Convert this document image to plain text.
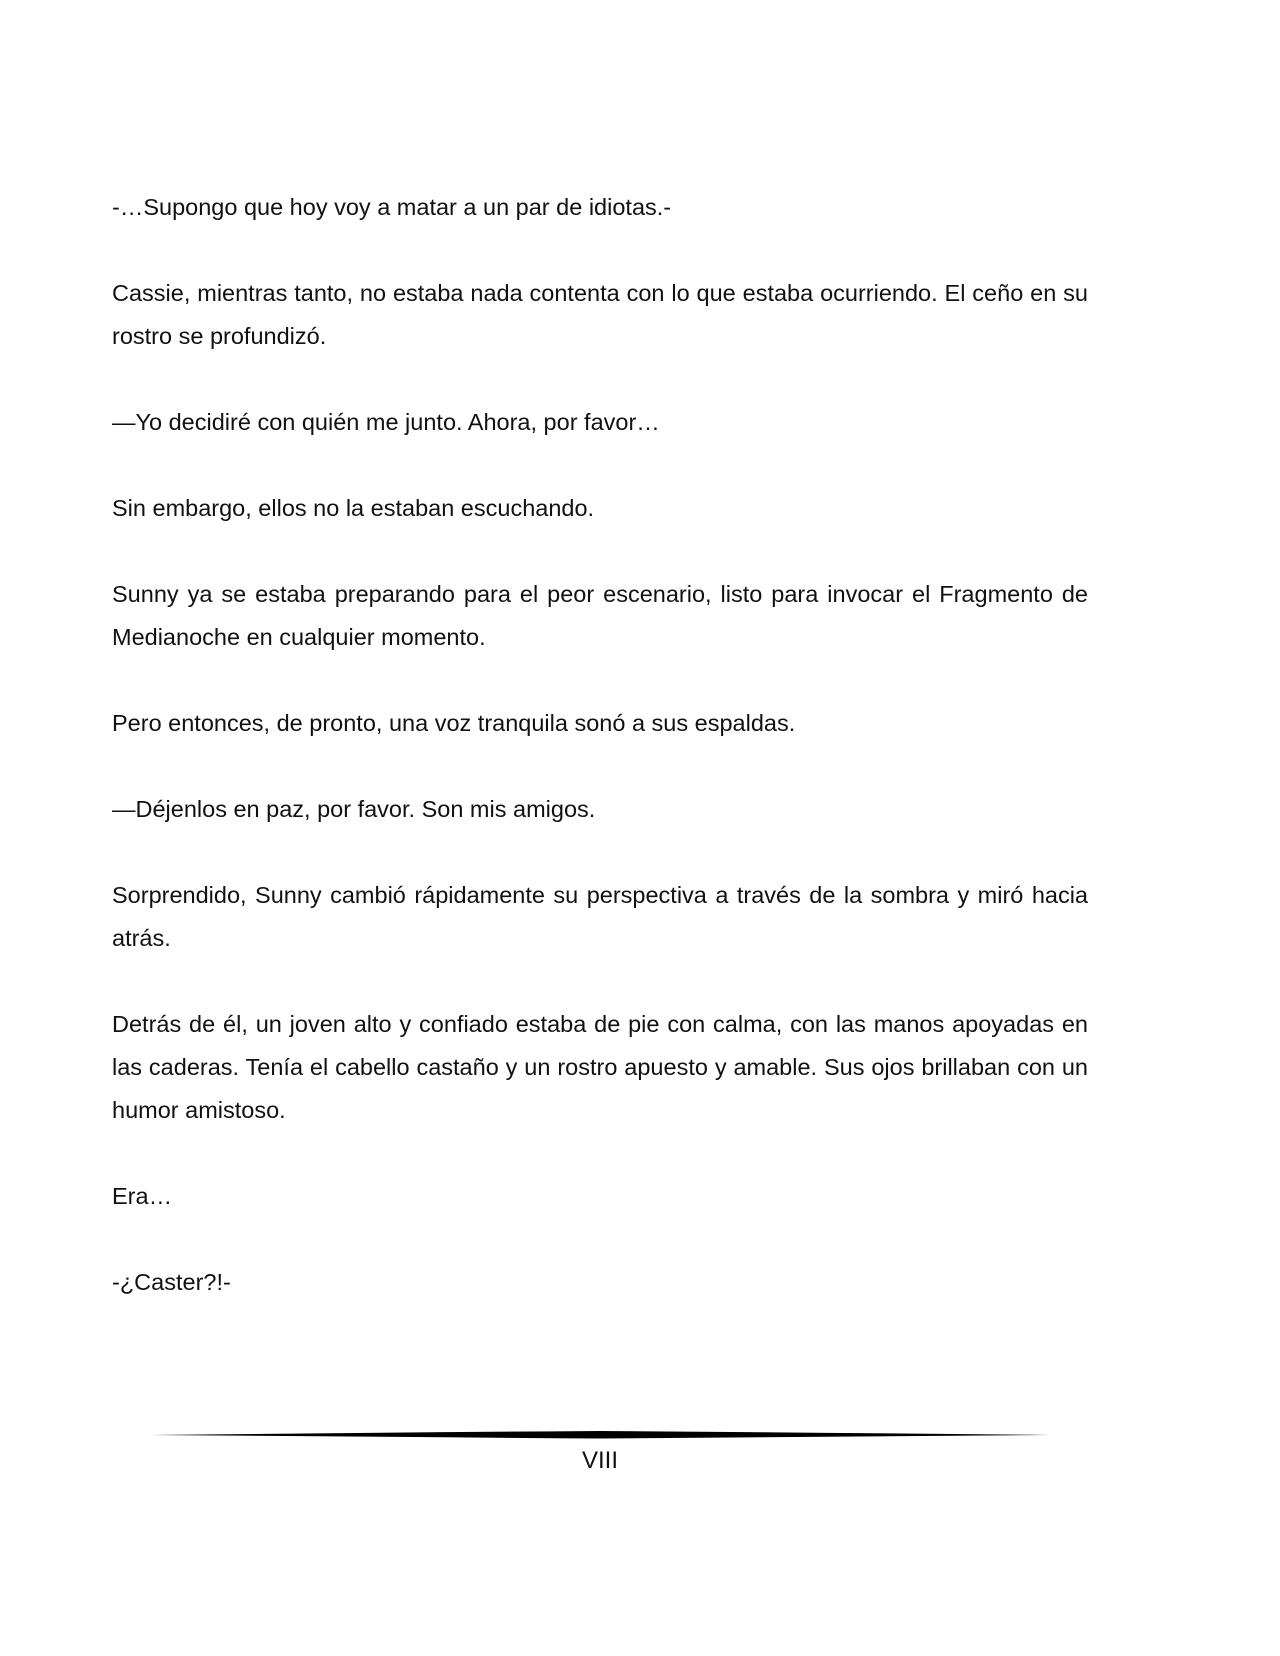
-…Supongo que hoy voy a matar a un par de idiotas.-

Cassie, mientras tanto, no estaba nada contenta con lo que estaba ocurriendo. El ceño en su rostro se profundizó.

—Yo decidiré con quién me junto. Ahora, por favor…

Sin embargo, ellos no la estaban escuchando.

Sunny ya se estaba preparando para el peor escenario, listo para invocar el Fragmento de Medianoche en cualquier momento.

Pero entonces, de pronto, una voz tranquila sonó a sus espaldas.

—Déjenlos en paz, por favor. Son mis amigos.

Sorprendido, Sunny cambió rápidamente su perspectiva a través de la sombra y miró hacia atrás.

Detrás de él, un joven alto y confiado estaba de pie con calma, con las manos apoyadas en las caderas. Tenía el cabello castaño y un rostro apuesto y amable. Sus ojos brillaban con un humor amistoso.

Era…

-¿Caster?!-

VIII
